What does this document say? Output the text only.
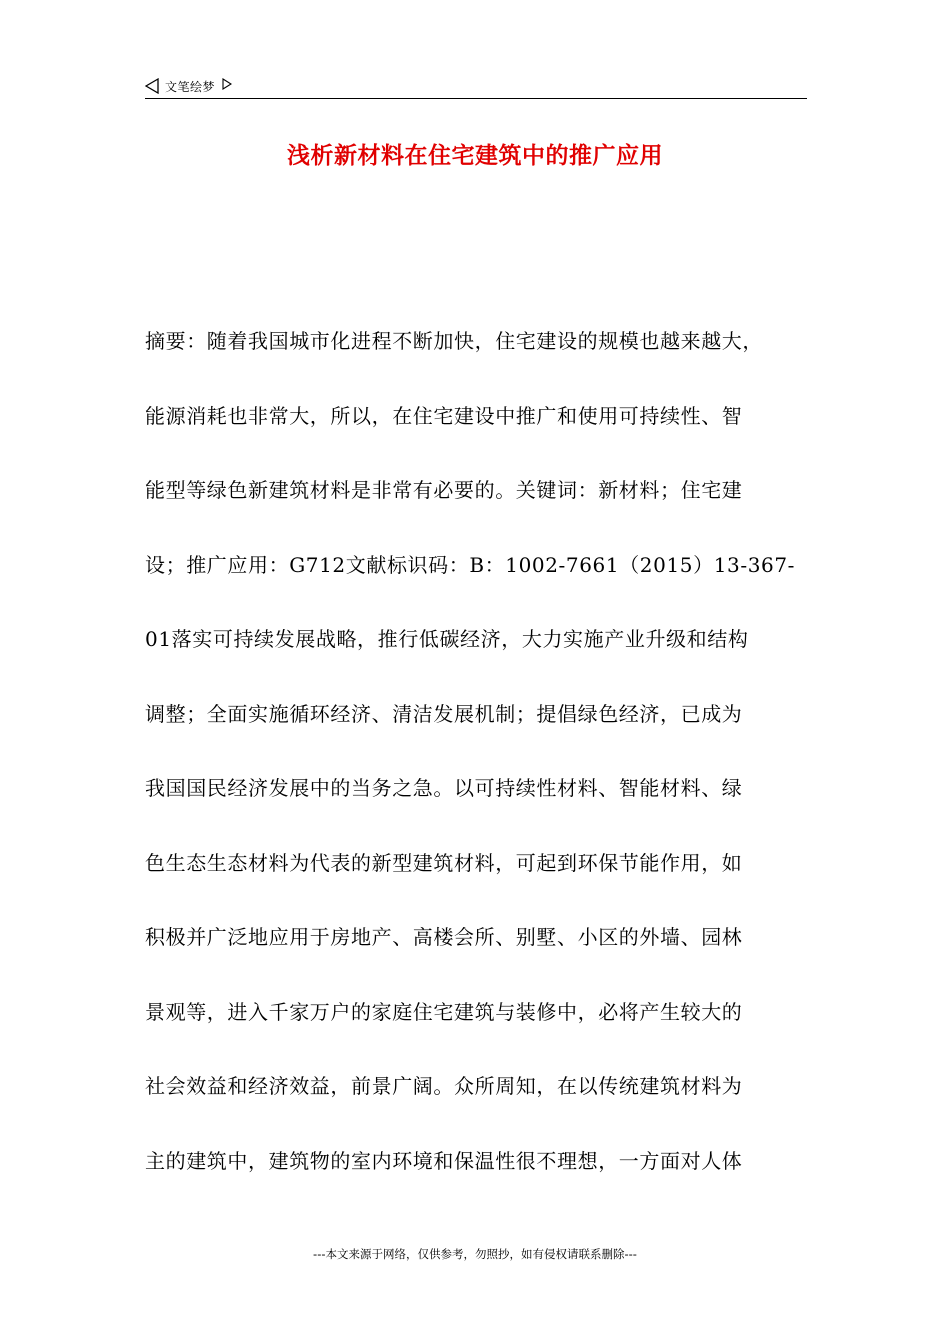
文笔绘梦
浅析新材料在住宅建筑中的推广应用
摘要：随着我国城市化进程不断加快，住宅建设的规模也越来越大，
能源消耗也非常大，所以，在住宅建设中推广和使用可持续性、智
能型等绿色新建筑材料是非常有必要的。关键词：新材料；住宅建
设；推广应用：G712文献标识码：B：1002-7661（2015）13-367-
01落实可持续发展战略，推行低碳经济，大力实施产业升级和结构
调整；全面实施循环经济、清洁发展机制；提倡绿色经济，已成为
我国国民经济发展中的当务之急。以可持续性材料、智能材料、绿
色生态生态材料为代表的新型建筑材料，可起到环保节能作用，如
积极并广泛地应用于房地产、高楼会所、别墅、小区的外墙、园林
景观等，进入千家万户的家庭住宅建筑与装修中，必将产生较大的
社会效益和经济效益，前景广阔。众所周知，在以传统建筑材料为
主的建筑中，建筑物的室内环境和保温性很不理想，一方面对人体
---本文来源于网络，仅供参考，勿照抄，如有侵权请联系删除---
